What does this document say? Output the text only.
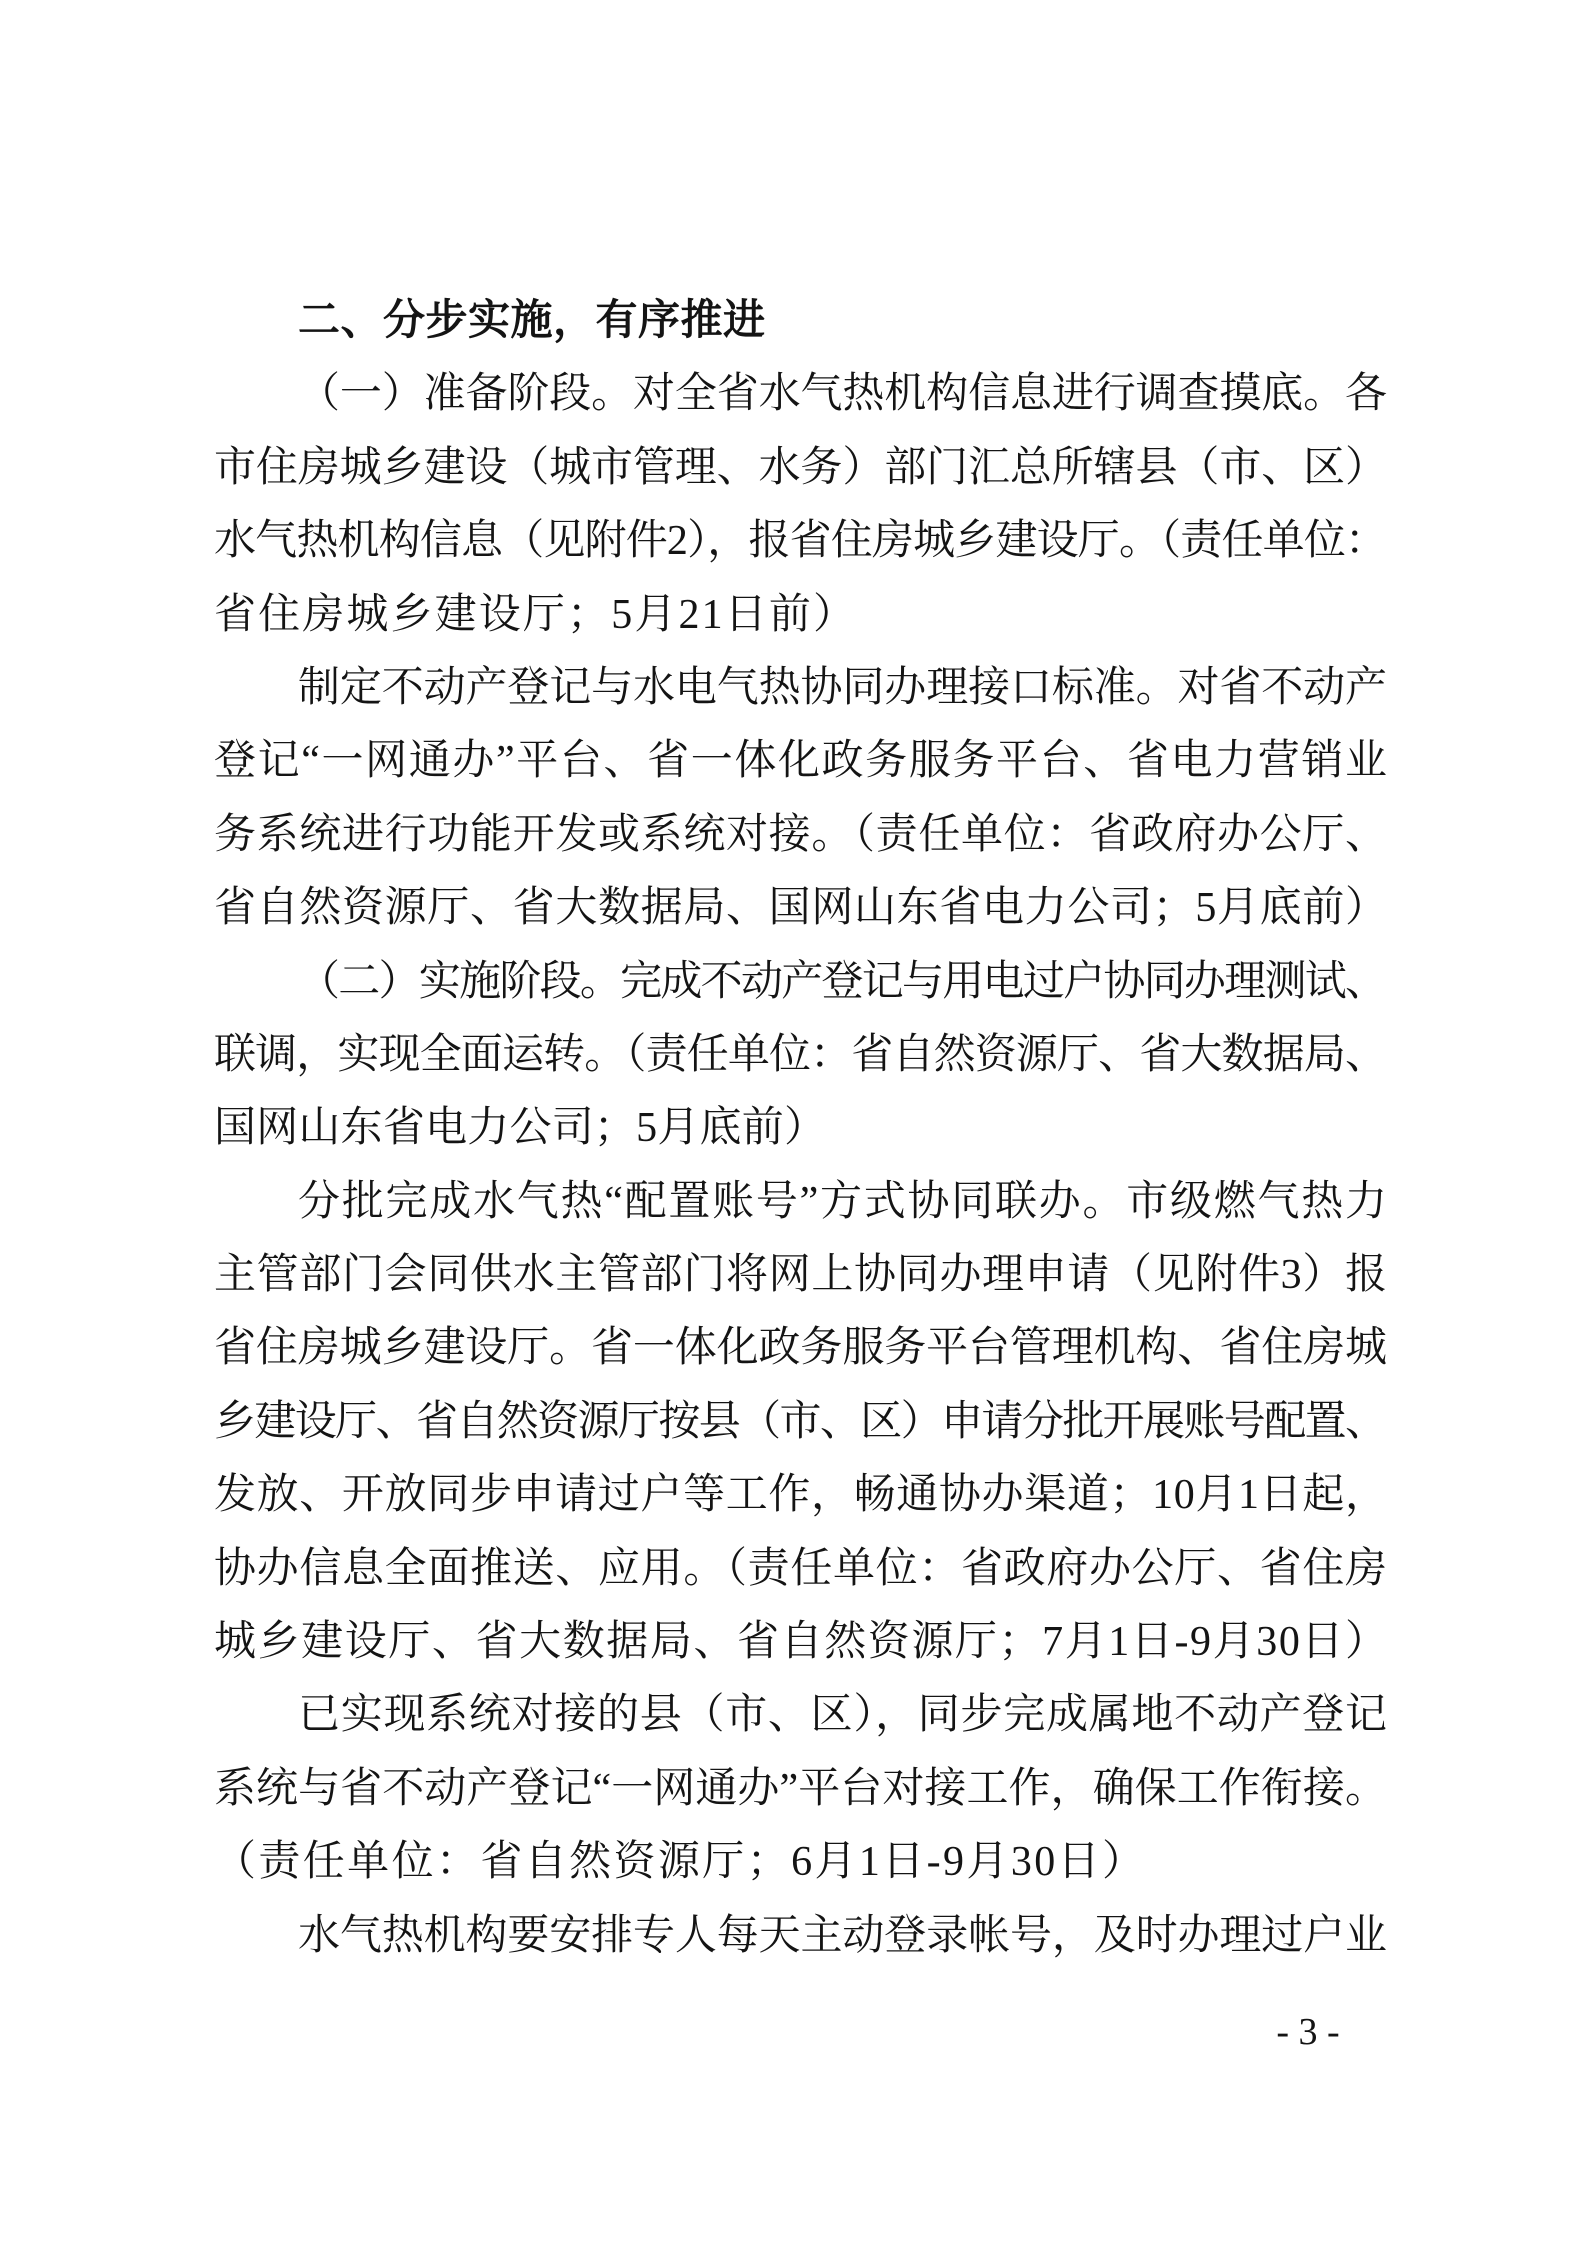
二、分步实施，有序推进
（一）准备阶段。对全省水气热机构信息进行调查摸底。各
市住房城乡建设（城市管理、水务）部门汇总所辖县（市、区）
水气热机构信息（见附件2），报省住房城乡建设厅。（责任单位：
省住房城乡建设厅；5月21日前）
制定不动产登记与水电气热协同办理接口标准。对省不动产
登记“一网通办”平台、省一体化政务服务平台、省电力营销业
务系统进行功能开发或系统对接。（责任单位：省政府办公厅、
省自然资源厅、省大数据局、国网山东省电力公司；5月底前）
（二）实施阶段。完成不动产登记与用电过户协同办理测试、
联调，实现全面运转。（责任单位：省自然资源厅、省大数据局、
国网山东省电力公司；5月底前）
分批完成水气热“配置账号”方式协同联办。市级燃气热力
主管部门会同供水主管部门将网上协同办理申请（见附件3）报
省住房城乡建设厅。省一体化政务服务平台管理机构、省住房城
乡建设厅、省自然资源厅按县（市、区）申请分批开展账号配置、
发放、开放同步申请过户等工作，畅通协办渠道；10月1日起，
协办信息全面推送、应用。（责任单位：省政府办公厅、省住房
城乡建设厅、省大数据局、省自然资源厅；7月1日-9月30日）
已实现系统对接的县（市、区），同步完成属地不动产登记
系统与省不动产登记“一网通办”平台对接工作，确保工作衔接。
（责任单位：省自然资源厅；6月1日-9月30日）
水气热机构要安排专人每天主动登录帐号，及时办理过户业
- 3 -
